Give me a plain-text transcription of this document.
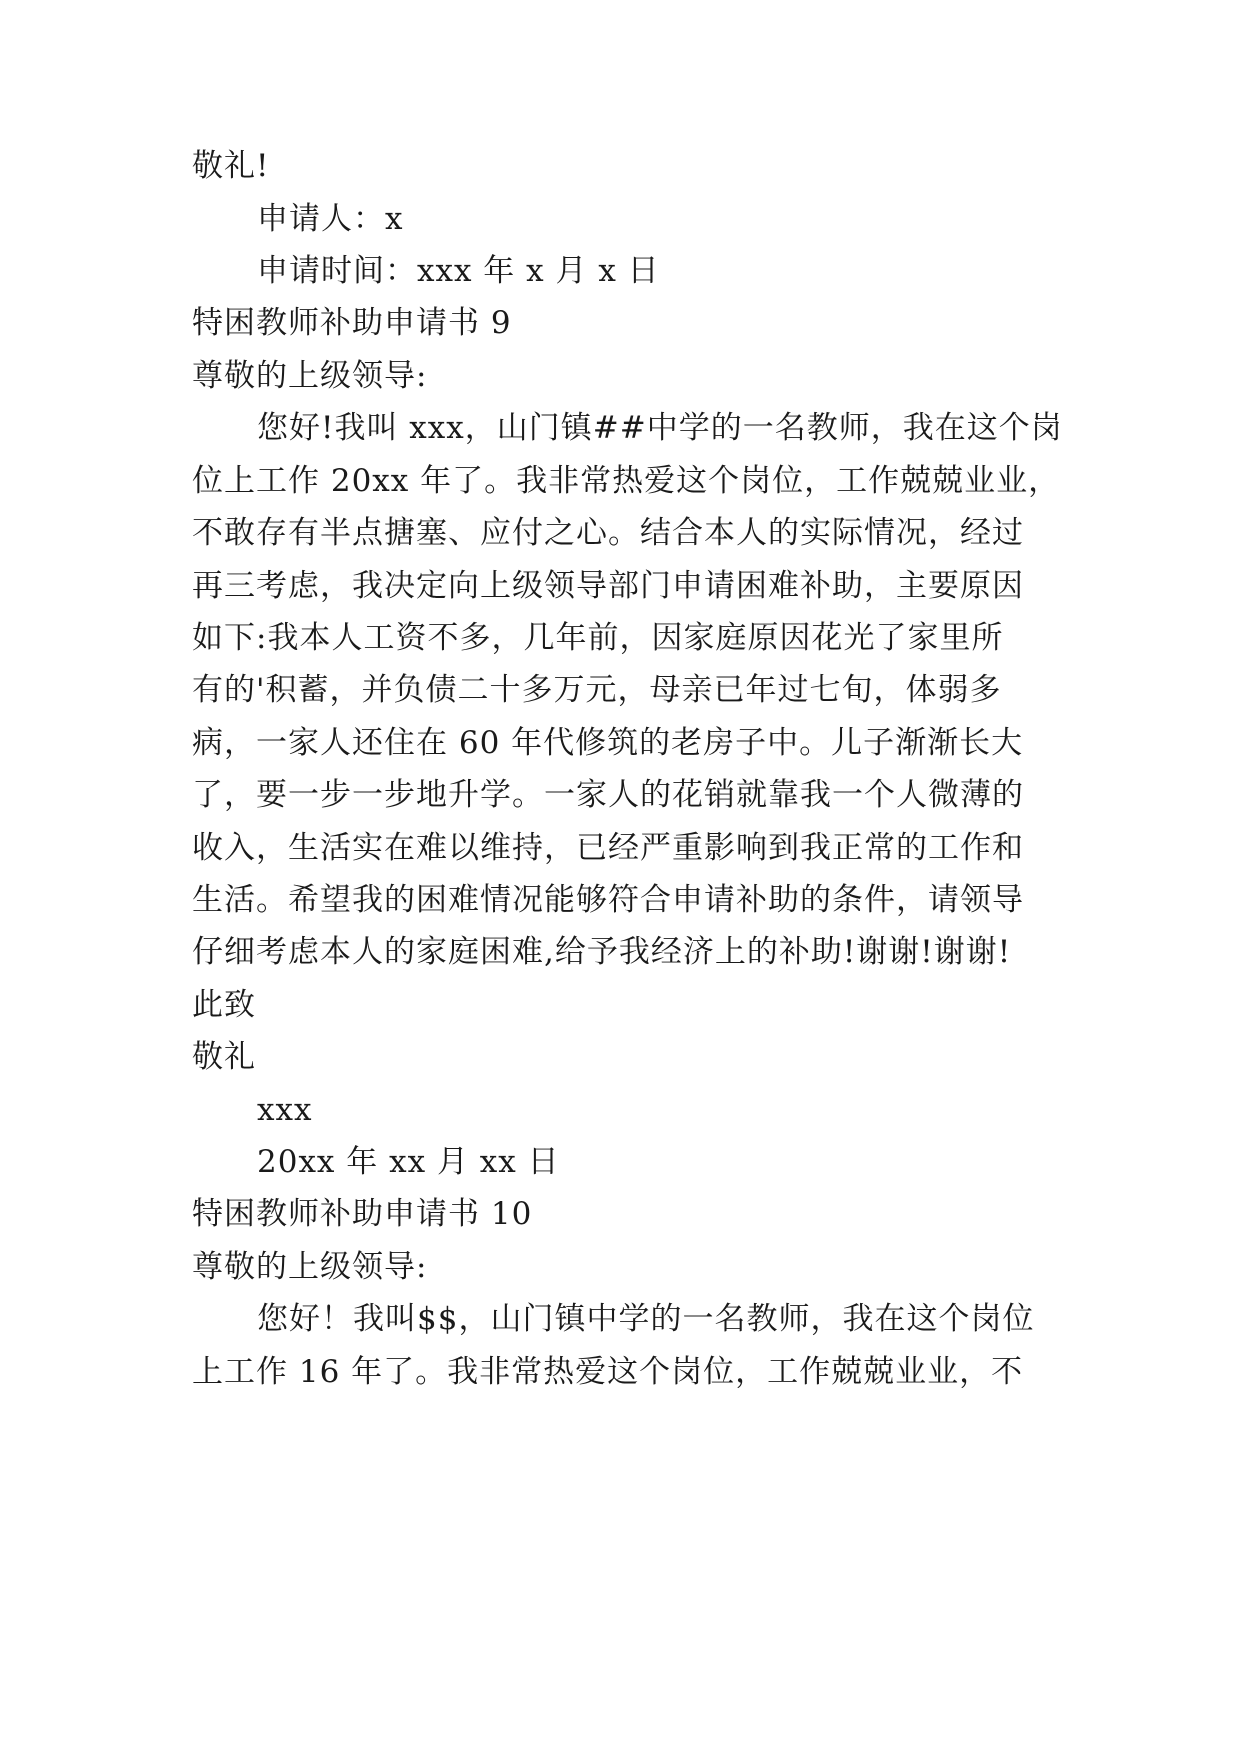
敬礼!
申请人：x
申请时间：xxx 年 x 月 x 日
特困教师补助申请书 9
尊敬的上级领导:
您好!我叫 xxx，山门镇##中学的一名教师，我在这个岗
位上工作 20xx 年了。我非常热爱这个岗位，工作兢兢业业，
不敢存有半点搪塞、应付之心。结合本人的实际情况，经过
再三考虑，我决定向上级领导部门申请困难补助，主要原因
如下:我本人工资不多，几年前，因家庭原因花光了家里所
有的'积蓄，并负债二十多万元，母亲已年过七旬，体弱多
病，一家人还住在 60 年代修筑的老房子中。儿子渐渐长大
了，要一步一步地升学。一家人的花销就靠我一个人微薄的
收入，生活实在难以维持，已经严重影响到我正常的工作和
生活。希望我的困难情况能够符合申请补助的条件，请领导
仔细考虑本人的家庭困难,给予我经济上的补助!谢谢!谢谢!
此致
敬礼
xxx
20xx 年 xx 月 xx 日
特困教师补助申请书 10
尊敬的上级领导:
您好！我叫$$，山门镇中学的一名教师，我在这个岗位
上工作 16 年了。我非常热爱这个岗位，工作兢兢业业，不
